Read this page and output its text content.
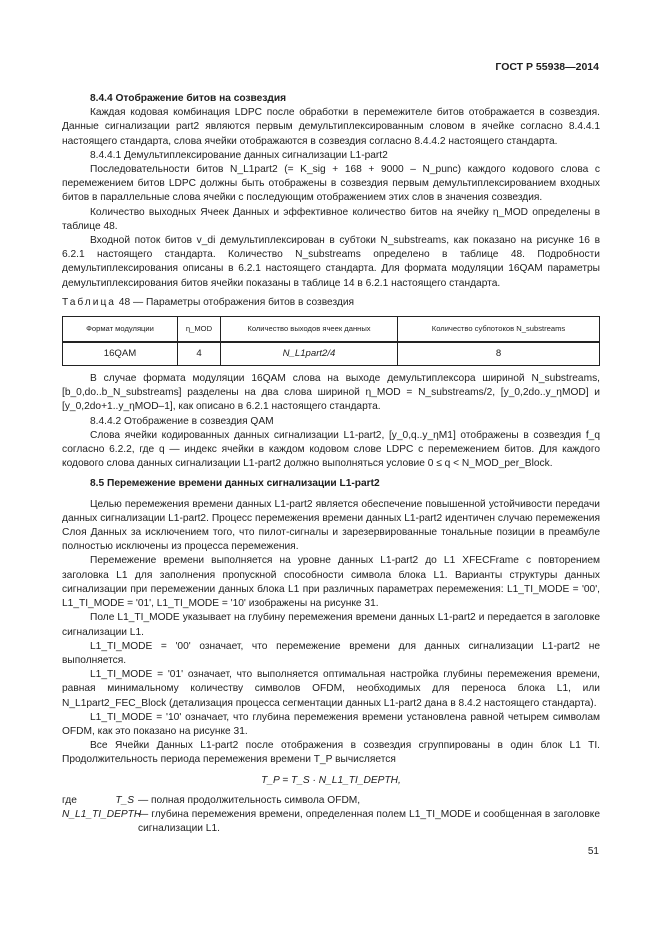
ГОСТ Р 55938—2014

8.4.4 Отображение битов на созвездия

Каждая кодовая комбинация LDPC после обработки в перемежителе битов отображается в созвездия. Данные сигнализации part2 являются первым демультиплексированным словом в ячейке согласно 8.4.4.1 настоящего стандарта, слова ячейки отображаются в созвездия согласно 8.4.4.2 настоящего стандарта.

8.4.4.1 Демультиплексирование данных сигнализации L1-part2

Последовательности битов N_L1part2 (= K_sig + 168 + 9000 – N_punc) каждого кодового слова с перемежением битов LDPC должны быть отображены в созвездия первым демультиплексированием входных битов в параллельные слова ячейки с последующим отображением этих слов в значения созвездия.

Количество выходных Ячеек Данных и эффективное количество битов на ячейку η_MOD определены в таблице 48.

Входной поток битов v_di демультиплексирован в субтоки N_substreams, как показано на рисунке 16 в 6.2.1 настоящего стандарта. Количество N_substreams определено в таблице 48. Подробности демультиплексирования описаны в 6.2.1 настоящего стандарта. Для формата модуляции 16QAM параметры демультиплексирования битов ячейки показаны в таблице 14 в 6.2.1 настоящего стандарта.

Таблица 48 — Параметры отображения битов в созвездия

Формат модуляции	η_MOD	Количество выходов ячеек данных	Количество субпотоков N_substreams
16QAM	4	N_L1part2/4	8

В случае формата модуляции 16QAM слова на выходе демультиплексора шириной N_substreams, [b_0,do..b_N_substreams] разделены на два слова шириной η_MOD = N_substreams/2, [y_0,2do..y_ηMOD] и [y_0,2do+1..y_ηMOD–1], как описано в 6.2.1 настоящего стандарта.

8.4.4.2 Отображение в созвездия QAM

Слова ячейки кодированных данных сигнализации L1-part2, [y_0,q..y_ηM1] отображены в созвездия f_q согласно 6.2.2, где q — индекс ячейки в каждом кодовом слове LDPC с перемежением битов. Для каждого кодового слова данных сигнализации L1-part2 должно выполняться условие 0 ≤ q < N_MOD_per_Block.

8.5 Перемежение времени данных сигнализации L1-part2

Целью перемежения времени данных L1-part2 является обеспечение повышенной устойчивости передачи данных сигнализации L1-part2. Процесс перемежения времени данных L1-part2 идентичен случаю перемежения Слоя Данных за исключением того, что пилот-сигналы и зарезервированные тональные позиции в преамбуле полностью исключены из процесса перемежения.

Перемежение времени выполняется на уровне данных L1-part2 до L1 XFECFrame с повторением заголовка L1 для заполнения пропускной способности символа блока L1. Варианты структуры данных сигнализации при перемежении данных блока L1 при различных параметрах перемежения: L1_TI_MODE = '00', L1_TI_MODE = '01', L1_TI_MODE = '10' изображены на рисунке 31.

Поле L1_TI_MODE указывает на глубину перемежения времени данных L1-part2 и передается в заголовке сигнализации L1.

L1_TI_MODE = '00' означает, что перемежение времени для данных сигнализации L1-part2 не выполняется.

L1_TI_MODE = '01' означает, что выполняется оптимальная настройка глубины перемежения времени, равная минимальному количеству символов OFDM, необходимых для переноса блока L1, или N_L1part2_FEC_Block (детализация процесса сегментации данных L1-part2 дана в 8.4.2 настоящего стандарта).

L1_TI_MODE = '10' означает, что глубина перемежения времени установлена равной четырем символам OFDM, как это показано на рисунке 31.

Все Ячейки Данных L1-part2 после отображения в созвездия сгруппированы в один блок L1 TI. Продолжительность периода перемежения времени T_P вычисляется

T_P = T_S · N_L1_TI_DEPTH,

где	T_S — полная продолжительность символа OFDM,
N_L1_TI_DEPTH
— глубина перемежения времени, определенная полем L1_TI_MODE и сообщенная в заголовке сигнализации L1.
51
